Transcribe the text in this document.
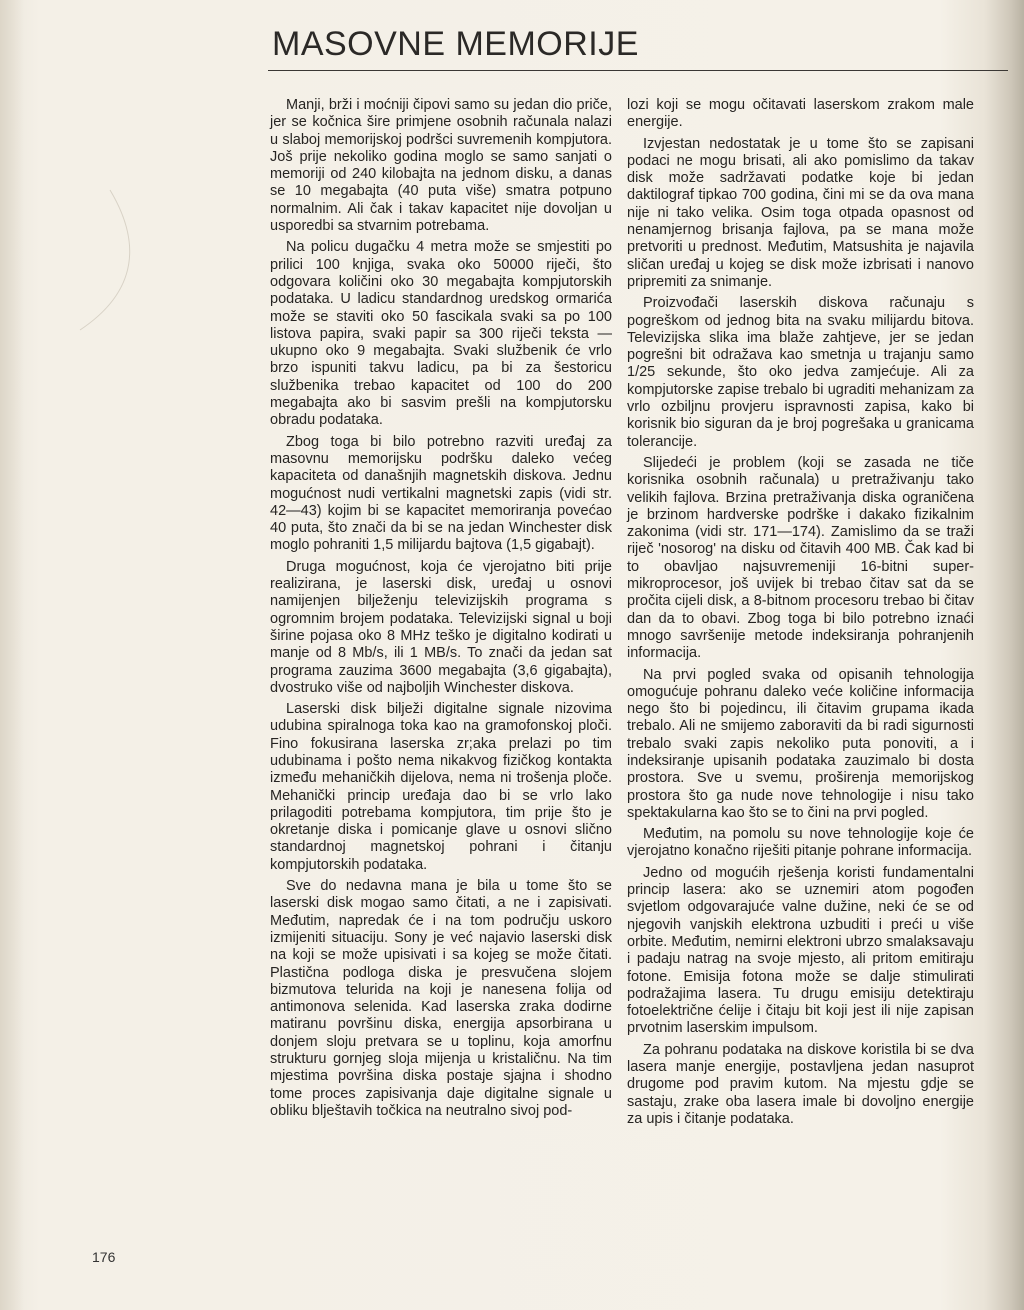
MASOVNE MEMORIJE

Manji, brži i moćniji čipovi samo su jedan dio priče, jer se kočnica šire primjene osobnih računala nalazi u slaboj memorijskoj podršci suvremenih kompjutora. Još prije nekoliko godina moglo se samo sanjati o memoriji od 240 kilobajta na jednom disku, a danas se 10 megabajta (40 puta više) smatra potpuno normalnim. Ali čak i takav kapacitet nije dovoljan u usporedbi sa stvarnim potrebama.

Na policu dugačku 4 metra može se smjestiti po prilici 100 knjiga, svaka oko 50000 riječi, što odgovara količini oko 30 megabajta kompjutorskih podataka. U ladicu standardnog uredskog ormarića može se staviti oko 50 fascikala svaki sa po 100 listova papira, svaki papir sa 300 riječi teksta — ukupno oko 9 megabajta. Svaki službenik će vrlo brzo ispuniti takvu ladicu, pa bi za šestoricu službenika trebao kapacitet od 100 do 200 megabajta ako bi sasvim prešli na kompjutorsku obradu podataka.

Zbog toga bi bilo potrebno razviti uređaj za masovnu memorijsku podršku daleko većeg kapaciteta od današnjih magnetskih diskova. Jednu mogućnost nudi vertikalni magnetski zapis (vidi str. 42—43) kojim bi se kapacitet memoriranja povećao 40 puta, što znači da bi se na jedan Winchester disk moglo pohraniti 1,5 milijardu bajtova (1,5 gigabajt).

Druga mogućnost, koja će vjerojatno biti prije realizirana, je laserski disk, uređaj u osnovi namijenjen bilježenju televizijskih programa s ogromnim brojem podataka. Televizijski signal u boji širine pojasa oko 8 MHz teško je digitalno kodirati u manje od 8 Mb/s, ili 1 MB/s. To znači da jedan sat programa zauzima 3600 megabajta (3,6 gigabajta), dvostruko više od najboljih Winchester diskova.

Laserski disk bilježi digitalne signale nizovima udubina spiralnoga toka kao na gramofonskoj ploči. Fino fokusirana laserska zr;aka prelazi po tim udubinama i pošto nema nikakvog fizičkog kontakta između mehaničkih dijelova, nema ni trošenja ploče. Mehanički princip uređaja dao bi se vrlo lako prilagoditi potrebama kompjutora, tim prije što je okretanje diska i pomicanje glave u osnovi slično standardnoj magnetskoj pohrani i čitanju kompjutorskih podataka.

Sve do nedavna mana je bila u tome što se laserski disk mogao samo čitati, a ne i zapisivati. Međutim, napredak će i na tom području uskoro izmijeniti situaciju. Sony je već najavio laserski disk na koji se može upisivati i sa kojeg se može čitati. Plastična podloga diska je presvučena slojem bizmutova telurida na koji je nanesena folija od antimonova selenida. Kad laserska zraka dodirne matiranu površinu diska, energija apsorbirana u donjem sloju pretvara se u toplinu, koja amorfnu strukturu gornjeg sloja mijenja u kristaličnu. Na tim mjestima površina diska postaje sjajna i shodno tome proces zapisivanja daje digitalne signale u obliku blještavih točkica na neutralno sivoj pod-

lozi koji se mogu očitavati laserskom zrakom male energije.

Izvjestan nedostatak je u tome što se zapisani podaci ne mogu brisati, ali ako pomislimo da takav disk može sadržavati podatke koje bi jedan daktilograf tipkao 700 godina, čini mi se da ova mana nije ni tako velika. Osim toga otpada opasnost od nenamjernog brisanja fajlova, pa se mana može pretvoriti u prednost. Međutim, Matsushita je najavila sličan uređaj u kojeg se disk može izbrisati i nanovo pripremiti za snimanje.

Proizvođači laserskih diskova računaju s pogreškom od jednog bita na svaku milijardu bitova. Televizijska slika ima blaže zahtjeve, jer se jedan pogrešni bit odražava kao smetnja u trajanju samo 1/25 sekunde, što oko jedva zamjećuje. Ali za kompjutorske zapise trebalo bi ugraditi mehanizam za vrlo ozbiljnu provjeru ispravnosti zapisa, kako bi korisnik bio siguran da je broj pogrešaka u granicama tolerancije.

Slijedeći je problem (koji se zasada ne tiče korisnika osobnih računala) u pretraživanju tako velikih fajlova. Brzina pretraživanja diska ograničena je brzinom hardverske podrške i dakako fizikalnim zakonima (vidi str. 171—174). Zamislimo da se traži riječ 'nosorog' na disku od čitavih 400 MB. Čak kad bi to obavljao najsuvremeniji 16-bitni super-mikroprocesor, još uvijek bi trebao čitav sat da se pročita cijeli disk, a 8-bitnom procesoru trebao bi čitav dan da to obavi. Zbog toga bi bilo potrebno iznaći mnogo savršenije metode indeksiranja pohranjenih informacija.

Na prvi pogled svaka od opisanih tehnologija omogućuje pohranu daleko veće količine informacija nego što bi pojedincu, ili čitavim grupama ikada trebalo. Ali ne smijemo zaboraviti da bi radi sigurnosti trebalo svaki zapis nekoliko puta ponoviti, a i indeksiranje upisanih podataka zauzimalo bi dosta prostora. Sve u svemu, proširenja memorijskog prostora što ga nude nove tehnologije i nisu tako spektakularna kao što se to čini na prvi pogled.

Međutim, na pomolu su nove tehnologije koje će vjerojatno konačno riješiti pitanje pohrane informacija.

Jedno od mogućih rješenja koristi fundamentalni princip lasera: ako se uznemiri atom pogođen svjetlom odgovarajuće valne dužine, neki će se od njegovih vanjskih elektrona uzbuditi i preći u više orbite. Međutim, nemirni elektroni ubrzo smalaksavaju i padaju natrag na svoje mjesto, ali pritom emitiraju fotone. Emisija fotona može se dalje stimulirati podražajima lasera. Tu drugu emisiju detektiraju fotoelektrične ćelije i čitaju bit koji jest ili nije zapisan prvotnim laserskim impulsom.

Za pohranu podataka na diskove koristila bi se dva lasera manje energije, postavljena jedan nasuprot drugome pod pravim kutom. Na mjestu gdje se sastaju, zrake oba lasera imale bi dovoljno energije za upis i čitanje podataka.

176
